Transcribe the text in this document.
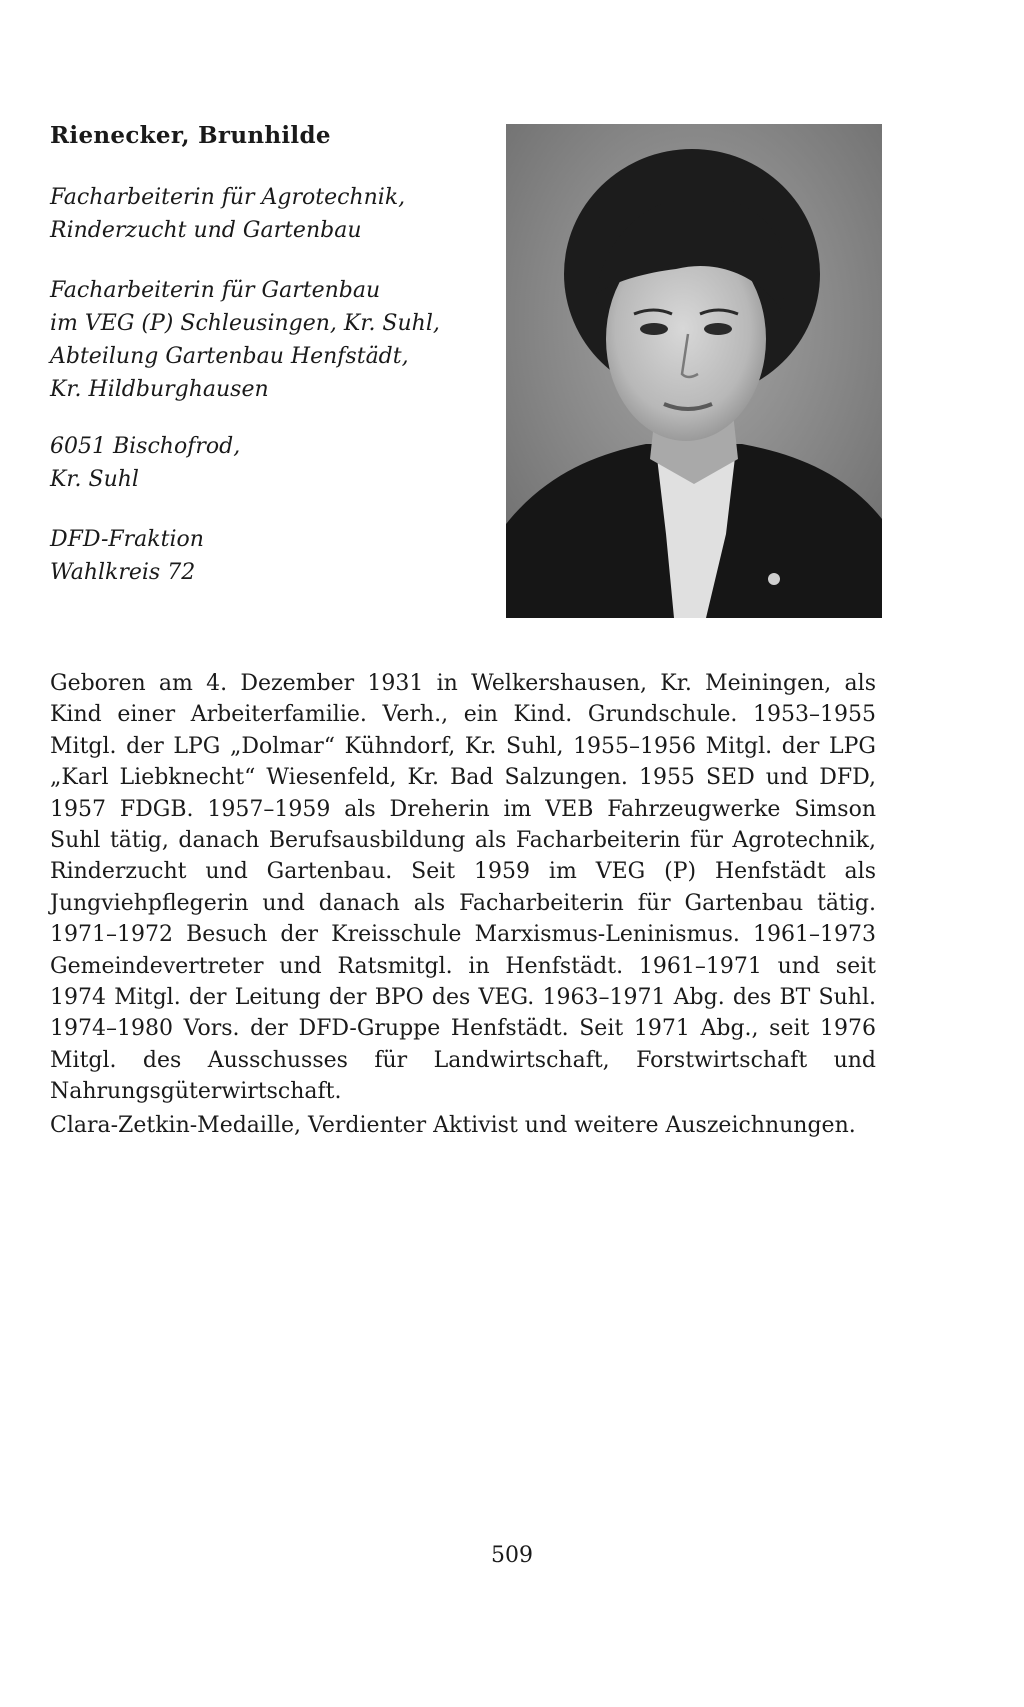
Rienecker, Brunhilde

Facharbeiterin für Agrotechnik,
Rinderzucht und Gartenbau

Facharbeiterin für Gartenbau
im VEG (P) Schleusingen, Kr. Suhl,
Abteilung Gartenbau Henfstädt,
Kr. Hildburghausen

6051 Bischofrod,
Kr. Suhl

DFD-Fraktion
Wahlkreis 72

Geboren am 4. Dezember 1931 in Welkershausen, Kr. Meiningen, als Kind einer Arbeiterfamilie. Verh., ein Kind. Grundschule. 1953–1955 Mitgl. der LPG „Dolmar“ Kühndorf, Kr. Suhl, 1955–1956 Mitgl. der LPG „Karl Liebknecht“ Wiesenfeld, Kr. Bad Salzungen. 1955 SED und DFD, 1957 FDGB. 1957–1959 als Dreherin im VEB Fahrzeugwerke Simson Suhl tätig, danach Berufsausbildung als Facharbeiterin für Agrotechnik, Rinderzucht und Gartenbau. Seit 1959 im VEG (P) Henfstädt als Jungviehpflegerin und danach als Facharbeiterin für Gartenbau tätig. 1971–1972 Besuch der Kreisschule Marxismus-Leninismus. 1961–1973 Gemeindevertreter und Ratsmitgl. in Henfstädt. 1961–1971 und seit 1974 Mitgl. der Leitung der BPO des VEG. 1963–1971 Abg. des BT Suhl. 1974–1980 Vors. der DFD-Gruppe Henfstädt. Seit 1971 Abg., seit 1976 Mitgl. des Ausschusses für Landwirtschaft, Forstwirtschaft und Nahrungsgüterwirtschaft.

Clara-Zetkin-Medaille, Verdienter Aktivist und weitere Auszeichnungen.

509
